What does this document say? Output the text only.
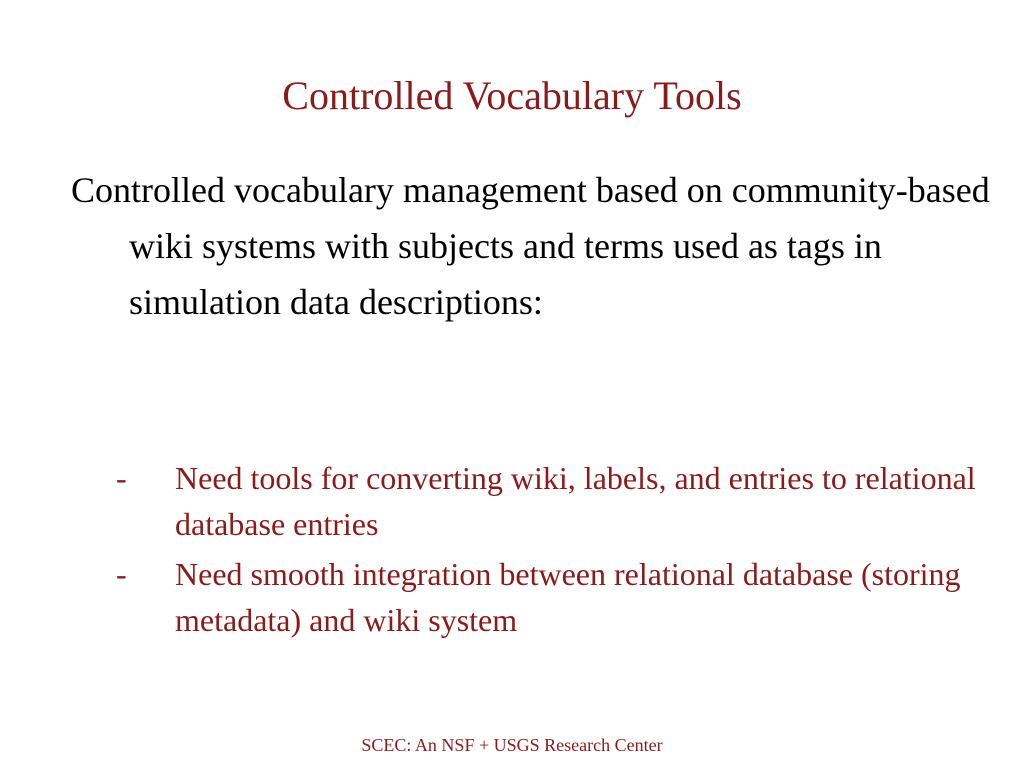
Controlled Vocabulary Tools
Controlled vocabulary management based on community-based wiki systems with subjects and terms used as tags in simulation data descriptions:
- Need tools for converting wiki, labels, and entries to relational database entries
- Need smooth integration between relational database (storing metadata) and wiki system
SCEC: An NSF + USGS Research Center
